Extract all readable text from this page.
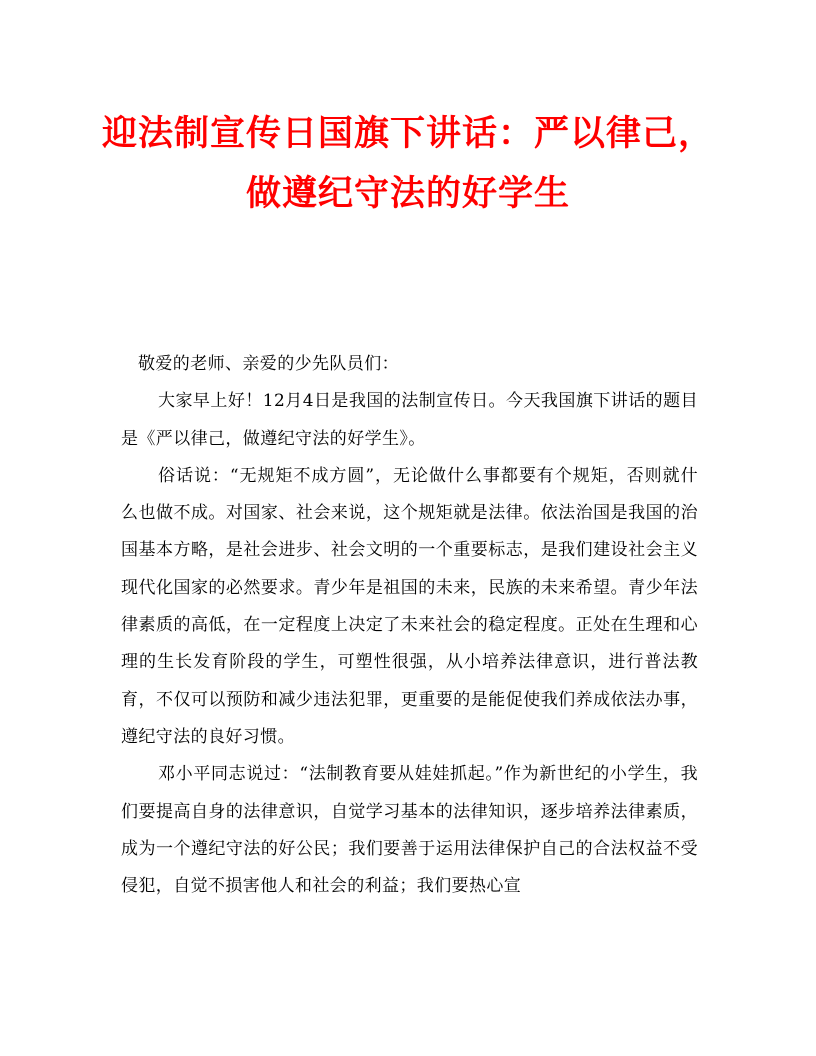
迎法制宣传日国旗下讲话：严以律己，
做遵纪守法的好学生

敬爱的老师、亲爱的少先队员们：

大家早上好！12月4日是我国的法制宣传日。今天我国旗下讲话的题目是《严以律己，做遵纪守法的好学生》。

俗话说：“无规矩不成方圆”，无论做什么事都要有个规矩，否则就什么也做不成。对国家、社会来说，这个规矩就是法律。依法治国是我国的治国基本方略，是社会进步、社会文明的一个重要标志，是我们建设社会主义现代化国家的必然要求。青少年是祖国的未来，民族的未来希望。青少年法律素质的高低，在一定程度上决定了未来社会的稳定程度。正处在生理和心理的生长发育阶段的学生，可塑性很强，从小培养法律意识，进行普法教育，不仅可以预防和减少违法犯罪，更重要的是能促使我们养成依法办事，遵纪守法的良好习惯。

邓小平同志说过：“法制教育要从娃娃抓起。”作为新世纪的小学生，我们要提高自身的法律意识，自觉学习基本的法律知识，逐步培养法律素质，成为一个遵纪守法的好公民；我们要善于运用法律保护自己的合法权益不受侵犯，自觉不损害他人和社会的利益；我们要热心宣
